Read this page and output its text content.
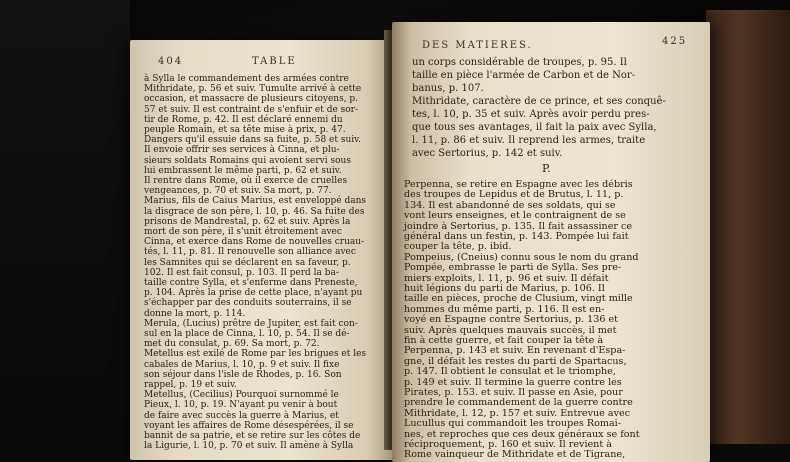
404	TABLE
à Sylla le commandement des armées contre
Mithridate, p. 56 et suiv. Tumulte arrivé à cette
occasion, et massacre de plusieurs citoyens, p.
57 et suiv. Il est contraint de s'enfuir et de sor-
tir de Rome, p. 42. Il est déclaré ennemi du
peuple Romain, et sa tête mise à prix, p. 47.
Dangers qu'il essuie dans sa fuite, p. 58 et suiv.
Il envoie offrir ses services à Cinna, et plu-
sieurs soldats Romains qui avoient servi sous
lui embrassent le même parti, p. 62 et suiv.
Il rentre dans Rome, où il exerce de cruelles
vengeances, p. 70 et suiv. Sa mort, p. 77.
Marius, fils de Caius Marius, est enveloppé dans
la disgrace de son père, l. 10, p. 46. Sa fuite des
prisons de Mandrestal, p. 62 et suiv. Après la
mort de son père, il s'unit étroitement avec
Cinna, et exerce dans Rome de nouvelles cruau-
tés, l. 11, p. 81. Il renouvelle son alliance avec
les Samnites qui se déclarent en sa faveur, p.
102. Il est fait consul, p. 103. Il perd la ba-
taille contre Sylla, et s'enferme dans Preneste,
p. 104. Après la prise de cette place, n'ayant pu
s'échapper par des conduits souterrains, il se
donne la mort, p. 114.
Merula, (Lucius) prêtre de Jupiter, est fait con-
sul en la place de Cinna, l. 10, p. 54. Il se dé-
met du consulat, p. 69. Sa mort, p. 72.
Metellus est exilé de Rome par les brigues et les
cabales de Marius, l. 10, p. 9 et suiv. Il fixe
son séjour dans l'isle de Rhodes, p. 16. Son
rappel, p. 19 et suiv.
Metellus, (Cecilius) Pourquoi surnommé le
Pieux, l. 10, p. 19. N'ayant pu venir à bout
de faire avec succès la guerre à Marius, et
voyant les affaires de Rome désespérées, il se
bannit de sa patrie, et se retire sur les côtes de
la Ligurie, l. 10, p. 70 et suiv. Il amène à Sylla
DES MATIERES.	425
un corps considérable de troupes, p. 95. Il
taille en pièce l'armée de Carbon et de Nor-
banus, p. 107.
Mithridate, caractère de ce prince, et ses conquê-
tes, l. 10, p. 35 et suiv. Après avoir perdu pres-
que tous ses avantages, il fait la paix avec Sylla,
l. 11, p. 86 et suiv. Il reprend les armes, traite
avec Sertorius, p. 142 et suiv.
P.
Perpenna, se retire en Espagne avec les débris
des troupes de Lepidus et de Brutus, l. 11, p.
134. Il est abandonné de ses soldats, qui se
vont leurs enseignes, et le contraignent de se
joindre à Sertorius, p. 135. Il fait assassiner ce
général dans un festin, p. 143. Pompée lui fait
couper la tête, p. ibid.
Pompeius, (Cneius) connu sous le nom du grand
Pompée, embrasse le parti de Sylla. Ses pre-
miers exploits, l. 11, p. 96 et suiv. Il défait
huit légions du parti de Marius, p. 106. Il
taille en pièces, proche de Clusium, vingt mille
hommes du même parti, p. 116. Il est en-
voyé en Espagne contre Sertorius, p. 136 et
suiv. Après quelques mauvais succès, il met
fin à cette guerre, et fait couper la tête à
Perpenna, p. 143 et suiv. En revenant d'Espa-
gne, il défait les restes du parti de Spartacus,
p. 147. Il obtient le consulat et le triomphe,
p. 149 et suiv. Il termine la guerre contre les
Pirates, p. 153. et suiv. Il passe en Asie, pour
prendre le commandement de la guerre contre
Mithridate, l. 12, p. 157 et suiv. Entrevue avec
Lucullus qui commandoit les troupes Romai-
nes, et reproches que ces deux généraux se font
réciproquement, p. 160 et suiv. Il revient à
Rome vainqueur de Mithridate et de Tigrane,
